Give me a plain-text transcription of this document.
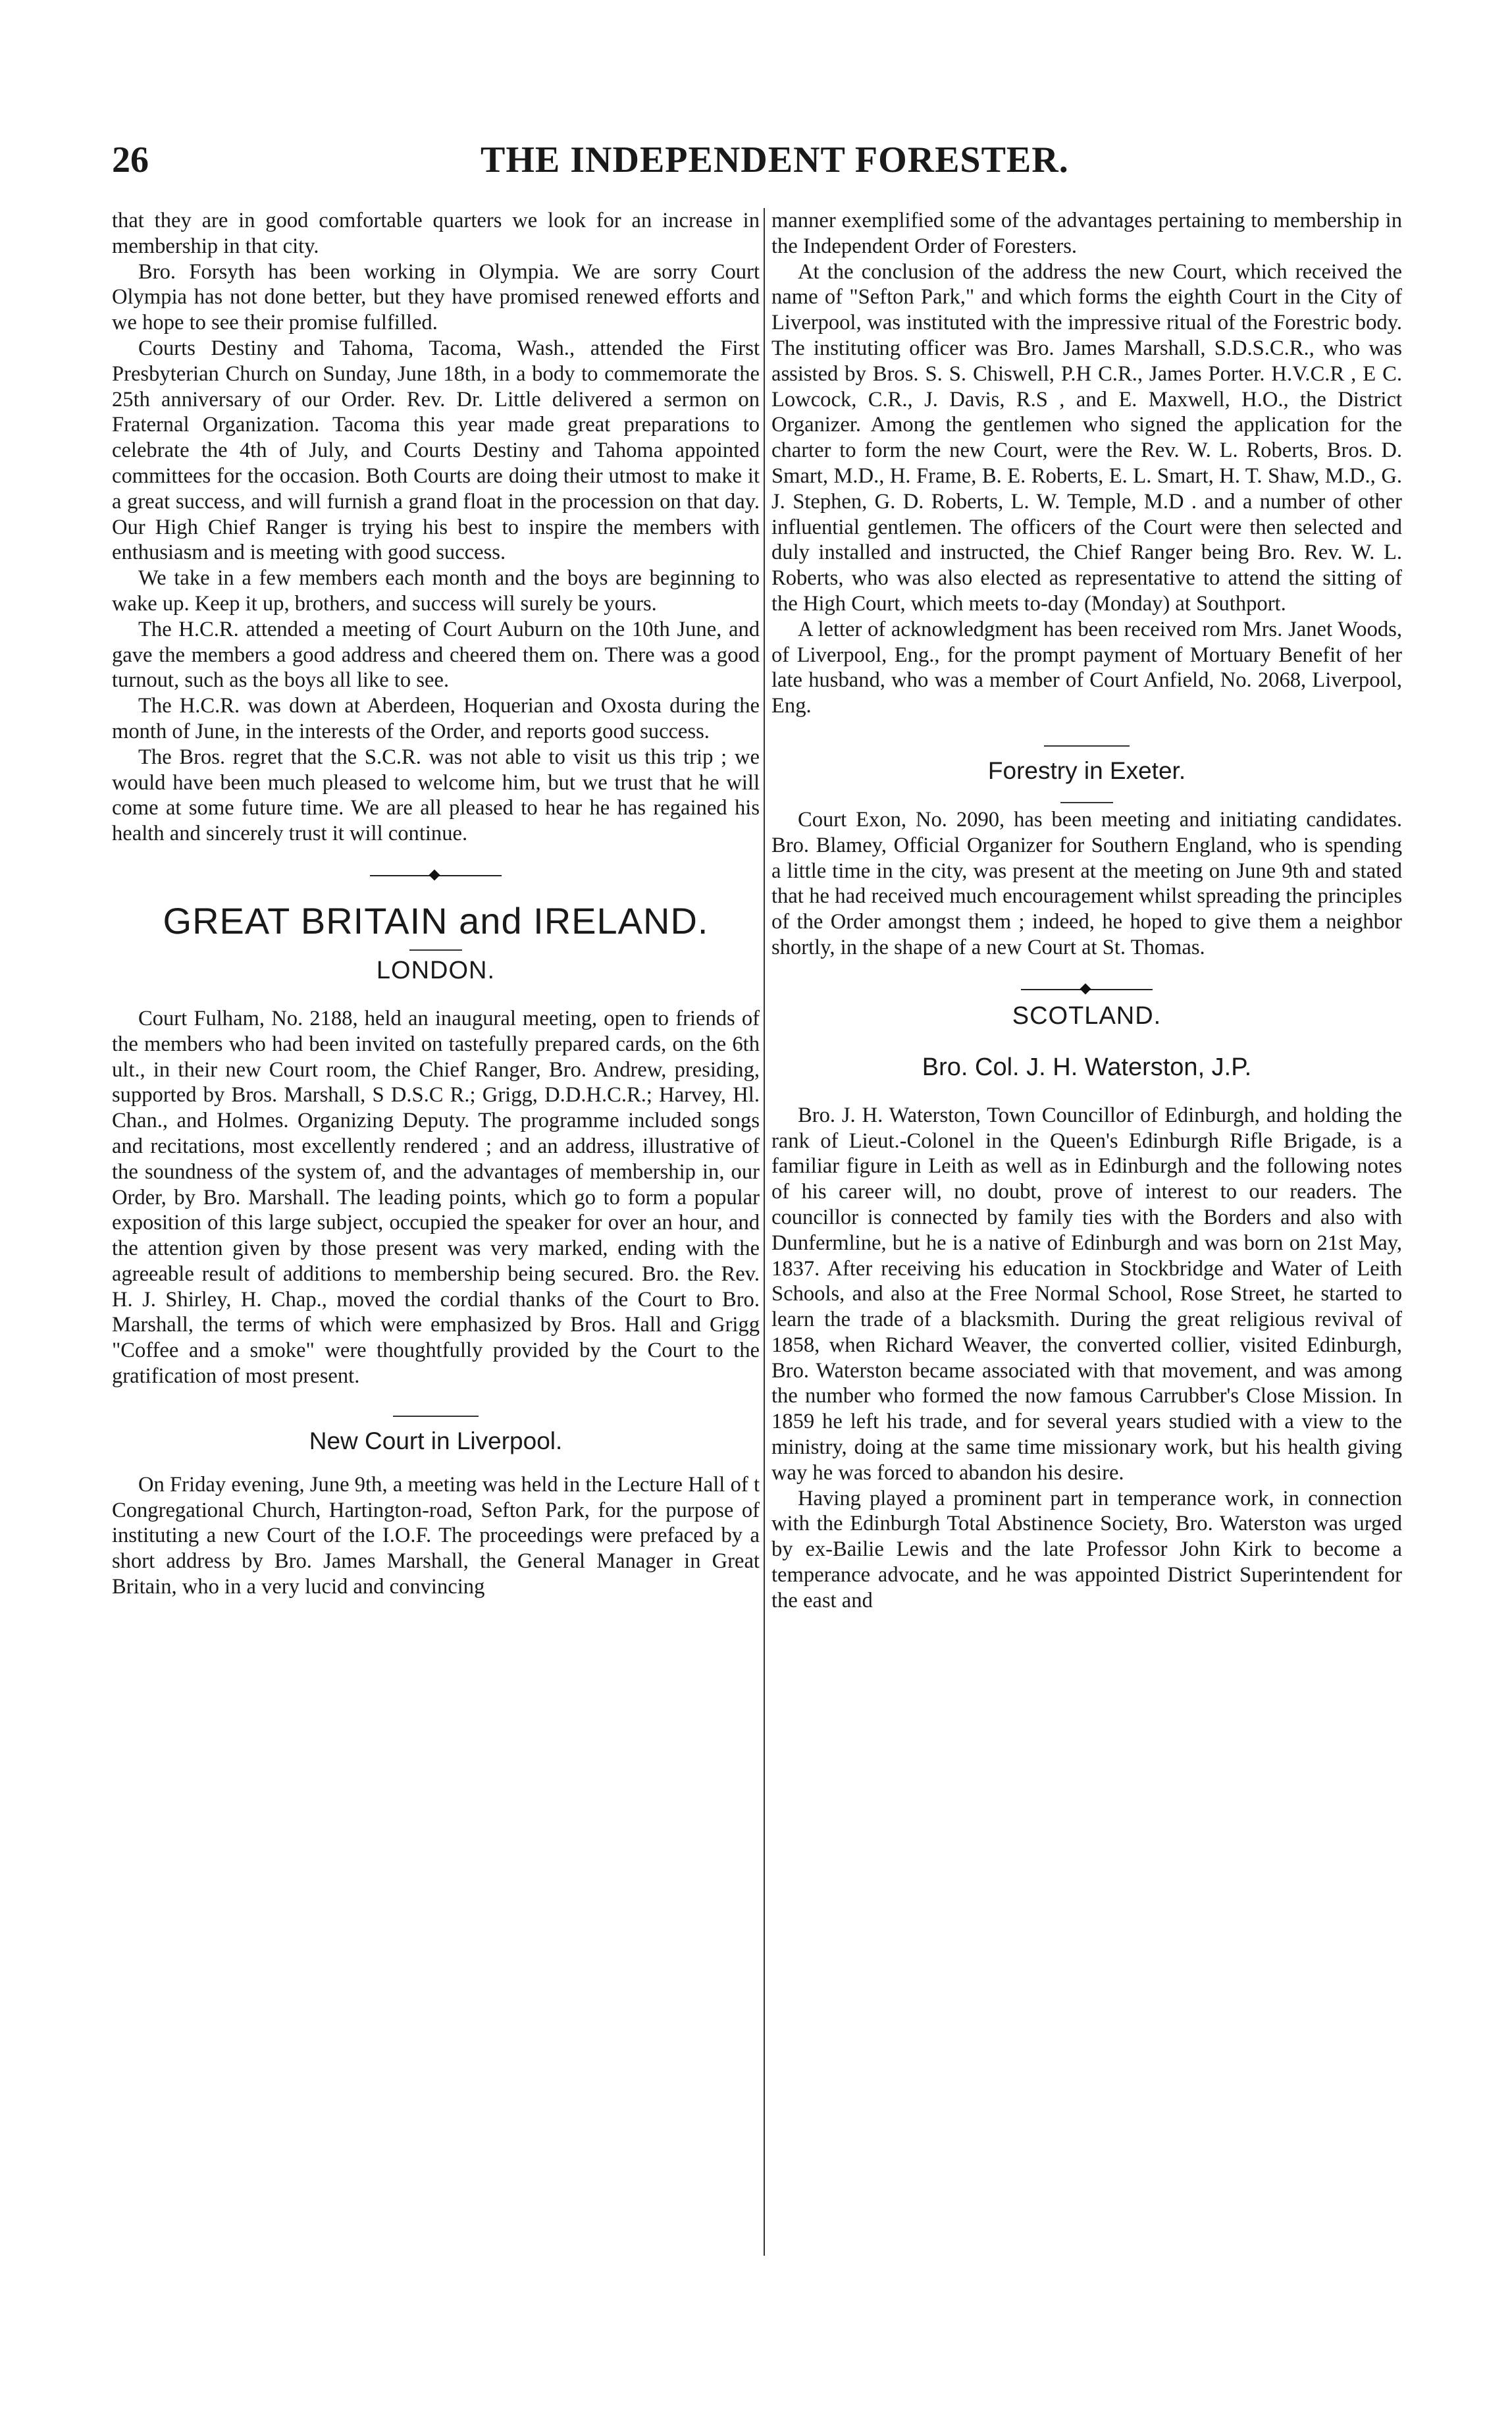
26	THE INDEPENDENT FORESTER.

that they are in good comfortable quarters we look for an increase in membership in that city.

Bro. Forsyth has been working in Olympia. We are sorry Court Olympia has not done better, but they have promised renewed efforts and we hope to see their promise fulfilled.

Courts Destiny and Tahoma, Tacoma, Wash., attended the First Presbyterian Church on Sunday, June 18th, in a body to commemorate the 25th anniversary of our Order. Rev. Dr. Little delivered a sermon on Fraternal Organization. Tacoma this year made great preparations to celebrate the 4th of July, and Courts Destiny and Tahoma appointed committees for the occasion. Both Courts are doing their utmost to make it a great success, and will furnish a grand float in the procession on that day. Our High Chief Ranger is trying his best to inspire the members with enthusiasm and is meeting with good success.

We take in a few members each month and the boys are beginning to wake up. Keep it up, brothers, and success will surely be yours.

The H.C.R. attended a meeting of Court Auburn on the 10th June, and gave the members a good address and cheered them on. There was a good turnout, such as the boys all like to see.

The H.C.R. was down at Aberdeen, Hoquerian and Oxosta during the month of June, in the interests of the Order, and reports good success.

The Bros. regret that the S.C.R. was not able to visit us this trip ; we would have been much pleased to welcome him, but we trust that he will come at some future time. We are all pleased to hear he has regained his health and sincerely trust it will continue.

GREAT BRITAIN and IRELAND.
LONDON.

Court Fulham, No. 2188, held an inaugural meeting, open to friends of the members who had been invited on tastefully prepared cards, on the 6th ult., in their new Court room, the Chief Ranger, Bro. Andrew, presiding, supported by Bros. Marshall, S D.S.C R.; Grigg, D.D.H.C.R.; Harvey, Hl. Chan., and Holmes. Organizing Deputy. The programme included songs and recitations, most excellently rendered ; and an address, illustrative of the soundness of the system of, and the advantages of membership in, our Order, by Bro. Marshall. The leading points, which go to form a popular exposition of this large subject, occupied the speaker for over an hour, and the attention given by those present was very marked, ending with the agreeable result of additions to membership being secured. Bro. the Rev. H. J. Shirley, H. Chap., moved the cordial thanks of the Court to Bro. Marshall, the terms of which were emphasized by Bros. Hall and Grigg "Coffee and a smoke" were thoughtfully provided by the Court to the gratification of most present.

New Court in Liverpool.

On Friday evening, June 9th, a meeting was held in the Lecture Hall of t Congregational Church, Hartington-road, Sefton Park, for the purpose of instituting a new Court of the I.O.F. The proceedings were prefaced by a short address by Bro. James Marshall, the General Manager in Great Britain, who in a very lucid and convincing

manner exemplified some of the advantages pertaining to membership in the Independent Order of Foresters.

At the conclusion of the address the new Court, which received the name of "Sefton Park," and which forms the eighth Court in the City of Liverpool, was instituted with the impressive ritual of the Forestric body. The instituting officer was Bro. James Marshall, S.D.S.C.R., who was assisted by Bros. S. S. Chiswell, P.H C.R., James Porter. H.V.C.R , E C. Lowcock, C.R., J. Davis, R.S , and E. Maxwell, H.O., the District Organizer. Among the gentlemen who signed the application for the charter to form the new Court, were the Rev. W. L. Roberts, Bros. D. Smart, M.D., H. Frame, B. E. Roberts, E. L. Smart, H. T. Shaw, M.D., G. J. Stephen, G. D. Roberts, L. W. Temple, M.D . and a number of other influential gentlemen. The officers of the Court were then selected and duly installed and instructed, the Chief Ranger being Bro. Rev. W. L. Roberts, who was also elected as representative to attend the sitting of the High Court, which meets to-day (Monday) at Southport.

A letter of acknowledgment has been received rom Mrs. Janet Woods, of Liverpool, Eng., for the prompt payment of Mortuary Benefit of her late husband, who was a member of Court Anfield, No. 2068, Liverpool, Eng.

Forestry in Exeter.

Court Exon, No. 2090, has been meeting and initiating candidates. Bro. Blamey, Official Organizer for Southern England, who is spending a little time in the city, was present at the meeting on June 9th and stated that he had received much encouragement whilst spreading the principles of the Order amongst them ; indeed, he hoped to give them a neighbor shortly, in the shape of a new Court at St. Thomas.

SCOTLAND.
Bro. Col. J. H. Waterston, J.P.

Bro. J. H. Waterston, Town Councillor of Edinburgh, and holding the rank of Lieut.-Colonel in the Queen's Edinburgh Rifle Brigade, is a familiar figure in Leith as well as in Edinburgh and the following notes of his career will, no doubt, prove of interest to our readers. The councillor is connected by family ties with the Borders and also with Dunfermline, but he is a native of Edinburgh and was born on 21st May, 1837. After receiving his education in Stockbridge and Water of Leith Schools, and also at the Free Normal School, Rose Street, he started to learn the trade of a blacksmith. During the great religious revival of 1858, when Richard Weaver, the converted collier, visited Edinburgh, Bro. Waterston became associated with that movement, and was among the number who formed the now famous Carrubber's Close Mission. In 1859 he left his trade, and for several years studied with a view to the ministry, doing at the same time missionary work, but his health giving way he was forced to abandon his desire.

Having played a prominent part in temperance work, in connection with the Edinburgh Total Abstinence Society, Bro. Waterston was urged by ex-Bailie Lewis and the late Professor John Kirk to become a temperance advocate, and he was appointed District Superintendent for the east and
